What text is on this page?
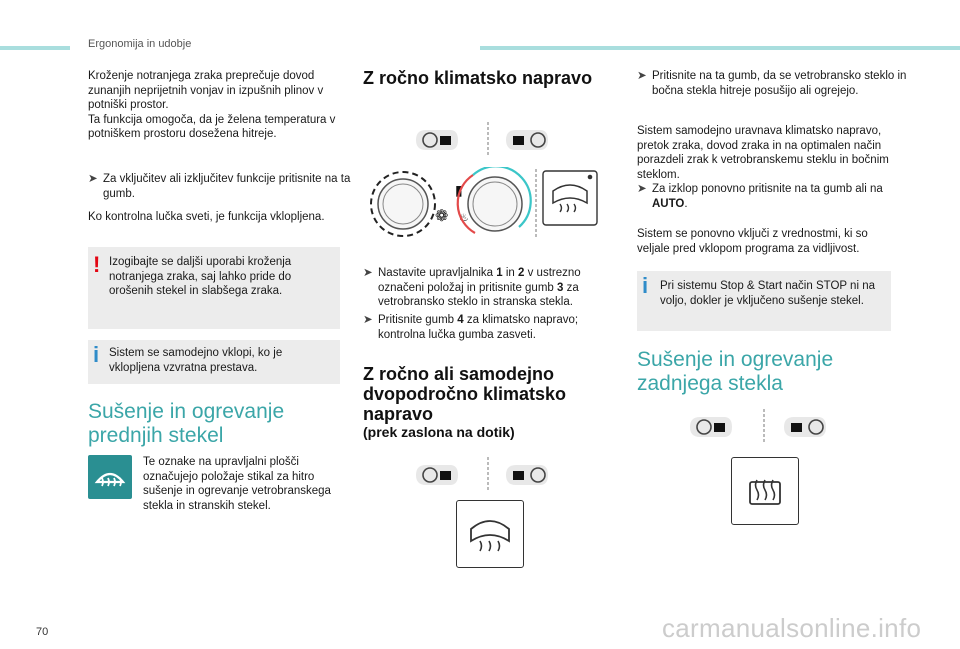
Ergonomija in udobje

Kroženje notranjega zraka preprečuje dovod zunanjih neprijetnih vonjav in izpušnih plinov v potniški prostor.
Ta funkcija omogoča, da je želena temperatura v potniškem prostoru dosežena hitreje.

➤ Za vključitev ali izključitev funkcije pritisnite na ta gumb.

Ko kontrolna lučka sveti, je funkcija vklopljena.

! Izogibajte se daljši uporabi kroženja notranjega zraka, saj lahko pride do orošenih stekel in slabšega zraka.

i Sistem se samodejno vklopi, ko je vklopljena vzvratna prestava.

Sušenje in ogrevanje prednjih stekel

Te oznake na upravljalni plošči označujejo položaje stikal za hitro sušenje in ogrevanje vetrobranskega stekla in stranskih stekel.

Z ročno klimatsko napravo
❁
▮
♨

➤ Nastavite upravljalnika 1 in 2 v ustrezno označeni položaj in pritisnite gumb 3 za vetrobransko steklo in stranska stekla.

➤ Pritisnite gumb 4 za klimatsko napravo; kontrolna lučka gumba zasveti.

Z ročno ali samodejno dvopodročno klimatsko napravo

(prek zaslona na dotik)

➤ Pritisnite na ta gumb, da se vetrobransko steklo in bočna stekla hitreje posušijo ali ogrejejo.

Sistem samodejno uravnava klimatsko napravo, pretok zraka, dovod zraka in na optimalen način porazdeli zrak k vetrobranskemu steklu in bočnim steklom.

➤ Za izklop ponovno pritisnite na ta gumb ali na AUTO.

Sistem se ponovno vključi z vrednostmi, ki so veljale pred vklopom programa za vidljivost.

i Pri sistemu Stop & Start način STOP ni na voljo, dokler je vključeno sušenje stekel.

Sušenje in ogrevanje zadnjega stekla
70	carmanualsonline.info
